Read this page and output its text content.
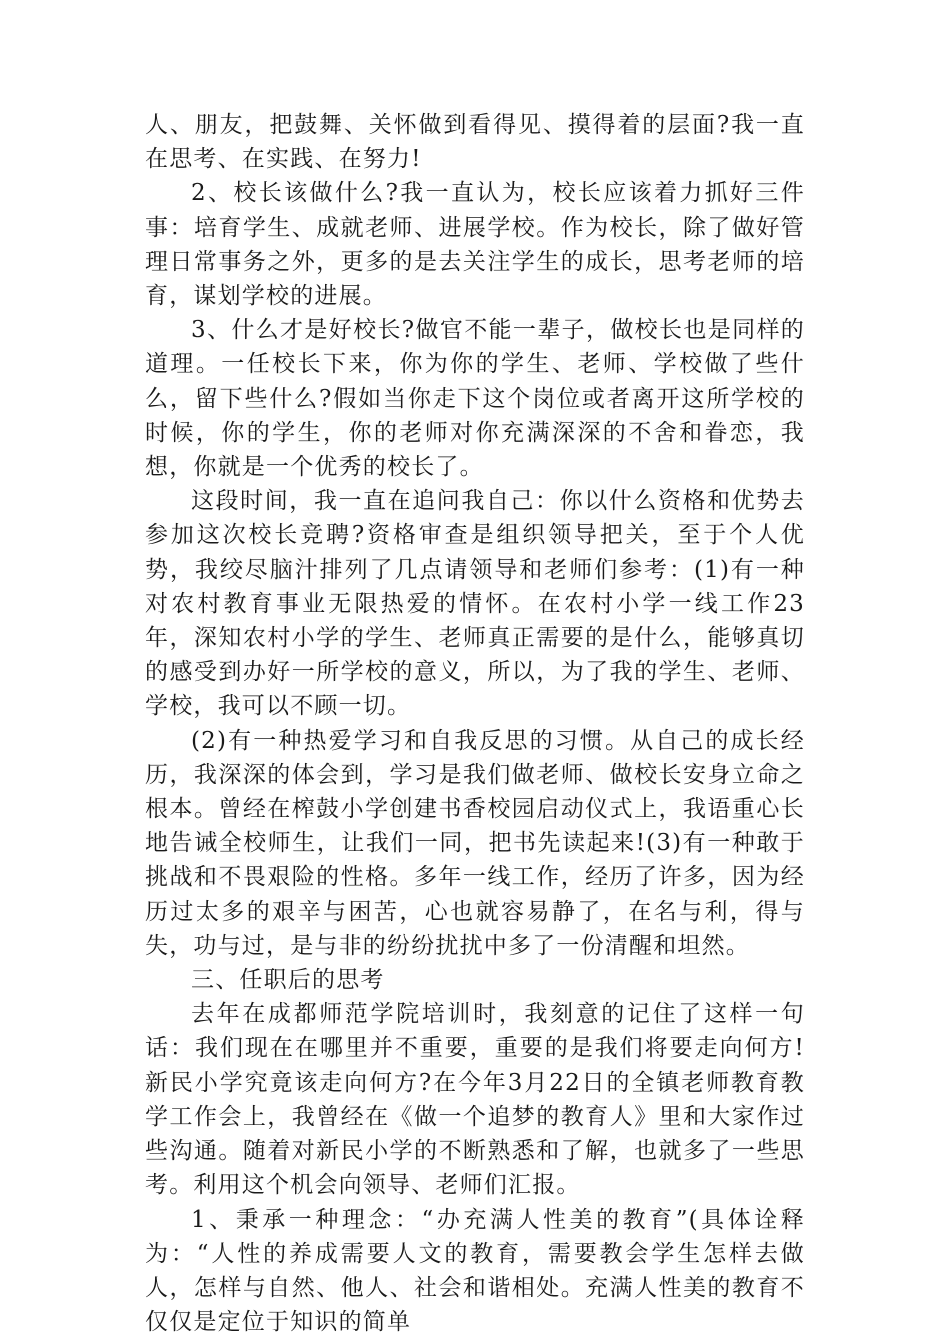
人、朋友，把鼓舞、关怀做到看得见、摸得着的层面?我一直在思考、在实践、在努力!

2、校长该做什么?我一直认为，校长应该着力抓好三件事：培育学生、成就老师、进展学校。作为校长，除了做好管理日常事务之外，更多的是去关注学生的成长，思考老师的培育，谋划学校的进展。

3、什么才是好校长?做官不能一辈子，做校长也是同样的道理。一任校长下来，你为你的学生、老师、学校做了些什么，留下些什么?假如当你走下这个岗位或者离开这所学校的时候，你的学生，你的老师对你充满深深的不舍和眷恋，我想，你就是一个优秀的校长了。

这段时间，我一直在追问我自己：你以什么资格和优势去参加这次校长竞聘?资格审查是组织领导把关，至于个人优势，我绞尽脑汁排列了几点请领导和老师们参考：(1)有一种对农村教育事业无限热爱的情怀。在农村小学一线工作23年，深知农村小学的学生、老师真正需要的是什么，能够真切的感受到办好一所学校的意义，所以，为了我的学生、老师、学校，我可以不顾一切。

(2)有一种热爱学习和自我反思的习惯。从自己的成长经历，我深深的体会到，学习是我们做老师、做校长安身立命之根本。曾经在榨鼓小学创建书香校园启动仪式上，我语重心长地告诫全校师生，让我们一同，把书先读起来!(3)有一种敢于挑战和不畏艰险的性格。多年一线工作，经历了许多，因为经历过太多的艰辛与困苦，心也就容易静了，在名与利，得与失，功与过，是与非的纷纷扰扰中多了一份清醒和坦然。

三、任职后的思考

去年在成都师范学院培训时，我刻意的记住了这样一句话：我们现在在哪里并不重要，重要的是我们将要走向何方!新民小学究竟该走向何方?在今年3月22日的全镇老师教育教学工作会上，我曾经在《做一个追梦的教育人》里和大家作过些沟通。随着对新民小学的不断熟悉和了解，也就多了一些思考。利用这个机会向领导、老师们汇报。

1、秉承一种理念：“办充满人性美的教育”(具体诠释为：“人性的养成需要人文的教育，需要教会学生怎样去做人，怎样与自然、他人、社会和谐相处。充满人性美的教育不仅仅是定位于知识的简单
